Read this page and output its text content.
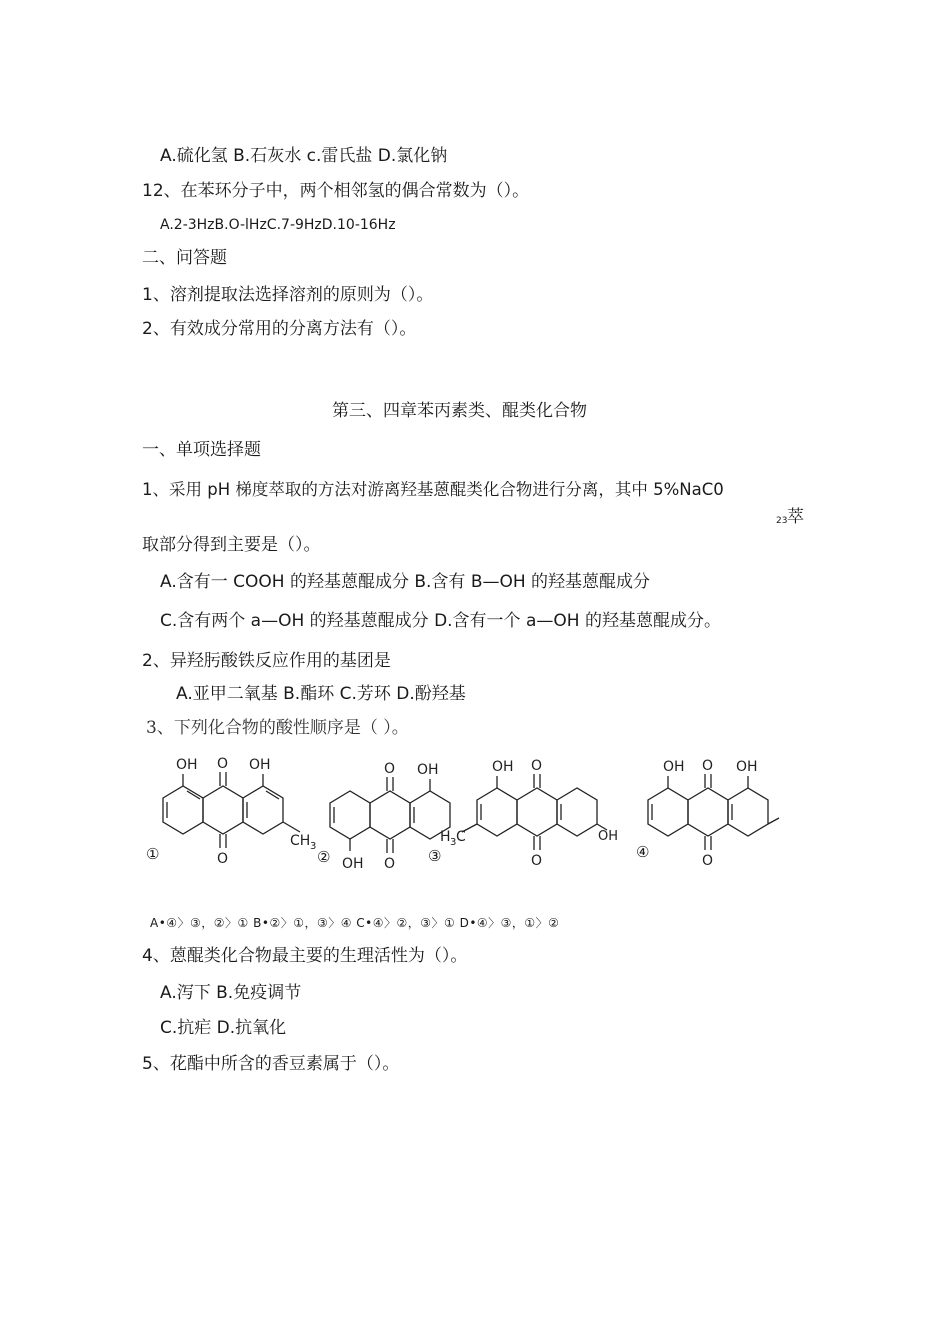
A.硫化氢 B.石灰水 c.雷氏盐 D.氯化钠
12、在苯环分子中，两个相邻氢的偶合常数为（）。
A.2-3HzB.O-lHzC.7-9HzD.10-16Hz
二、问答题
1、溶剂提取法选择溶剂的原则为（）。
2、有效成分常用的分离方法有（）。
第三、四章苯丙素类、醌类化合物
一、单项选择题
1、采用 pH 梯度萃取的方法对游离羟基蒽醌类化合物进行分离，其中 5%NaC0
23 萃
取部分得到主要是（）。
A.含有一 COOH 的羟基蒽醌成分 B.含有 B—OH 的羟基蒽醌成分
C.含有两个 a—OH 的羟基蒽醌成分 D.含有一个 a—OH 的羟基蒽醌成分。
2、异羟肟酸铁反应作用的基团是
A.亚甲二氧基 B.酯环 C.芳环 D.酚羟基
3、下列化合物的酸性顺序是（ ）。
OH	OH
O
O
CH 3
①
O
O
OH
OH
②
OH O
O
H 3 C	OH
③
OH	OH
O
O
④
A•④〉③，②〉① B•②〉①，③〉④ C•④〉②，③〉① D•④〉③，①〉②
4、蒽醌类化合物最主要的生理活性为（）。
A.泻下 B.免疫调节
C.抗疟 D.抗氧化
5、花酯中所含的香豆素属于（）。
